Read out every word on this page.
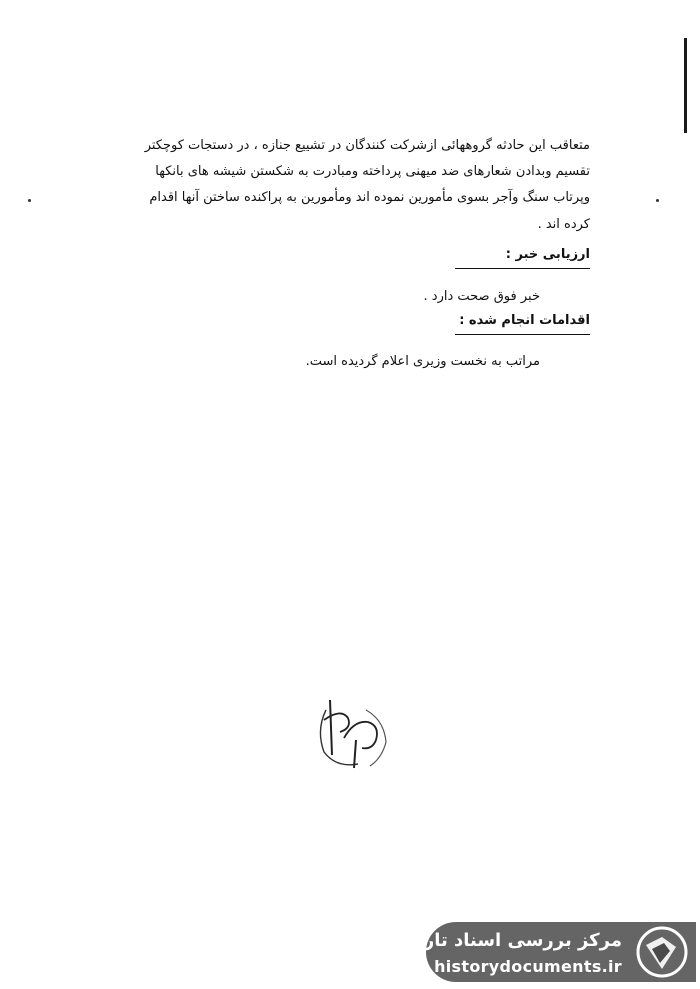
متعاقب این حادثه گروههائی ازشرکت کنندگان در تشییع جنازه ، در دستجات کوچکتر
تقسیم وبدادن شعارهای ضد میهنی پرداخته ومبادرت به شکستن شیشه های بانکها
وپرتاب سنگ وآجر بسوی مأمورین نموده اند ومأمورین به پراکنده ساختن آنها اقدام
کرده اند .
ارزیابی خبر :
خبر فوق صحت دارد .
اقدامات انجام شده :
مراتب به نخست وزیری اعلام گردیده است.
مرکز بررسی اسناد تاریخی
historydocuments.ir
